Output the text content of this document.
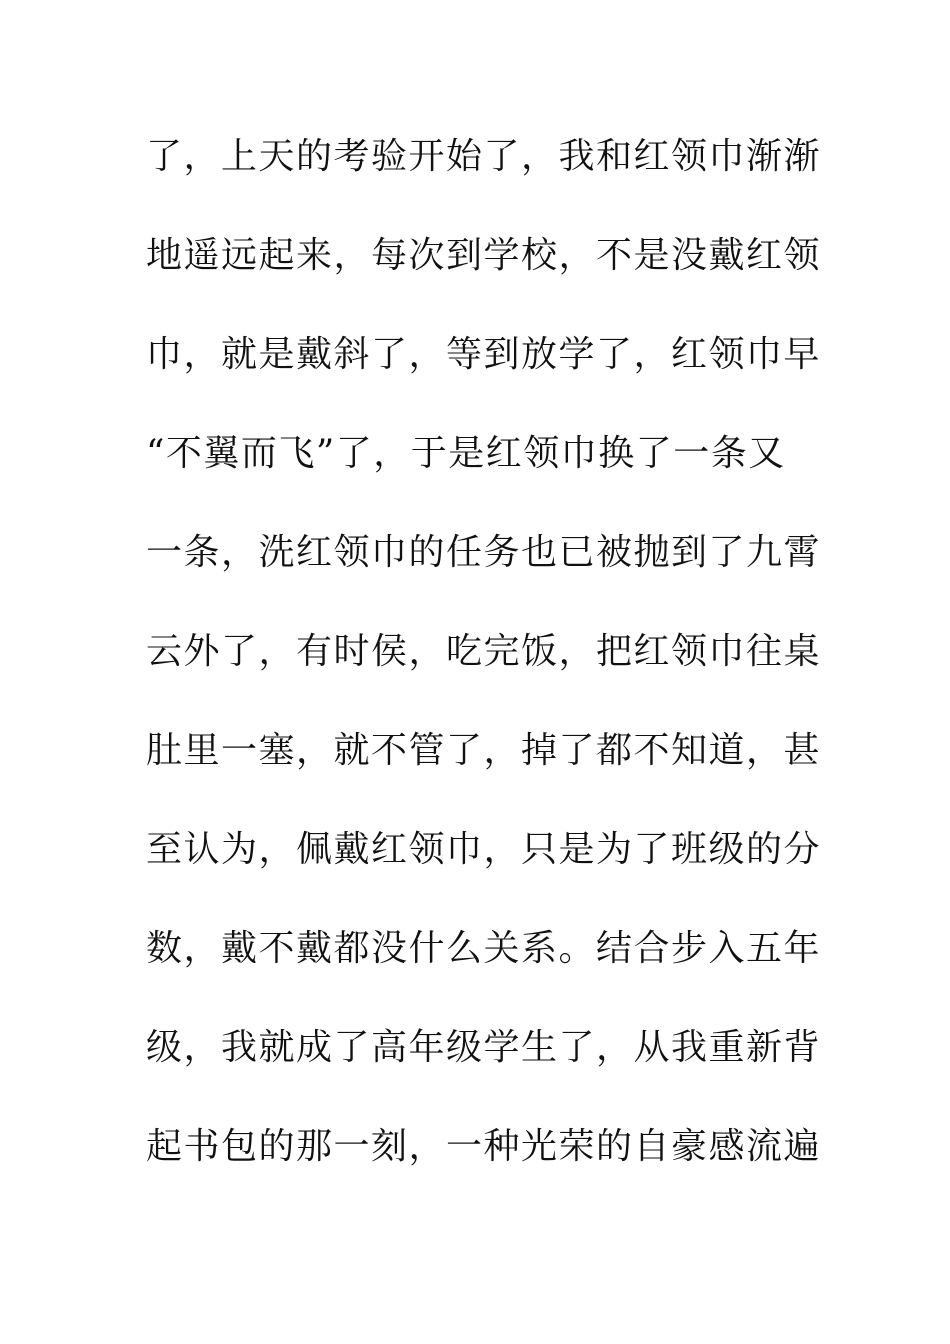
了，上天的考验开始了，我和红领巾渐渐
地遥远起来，每次到学校，不是没戴红领
巾，就是戴斜了，等到放学了，红领巾早
“不翼而飞”了，于是红领巾换了一条又
一条，洗红领巾的任务也已被抛到了九霄
云外了，有时侯，吃完饭，把红领巾往桌
肚里一塞，就不管了，掉了都不知道，甚
至认为，佩戴红领巾，只是为了班级的分
数，戴不戴都没什么关系。结合步入五年
级，我就成了高年级学生了，从我重新背
起书包的那一刻，一种光荣的自豪感流遍
